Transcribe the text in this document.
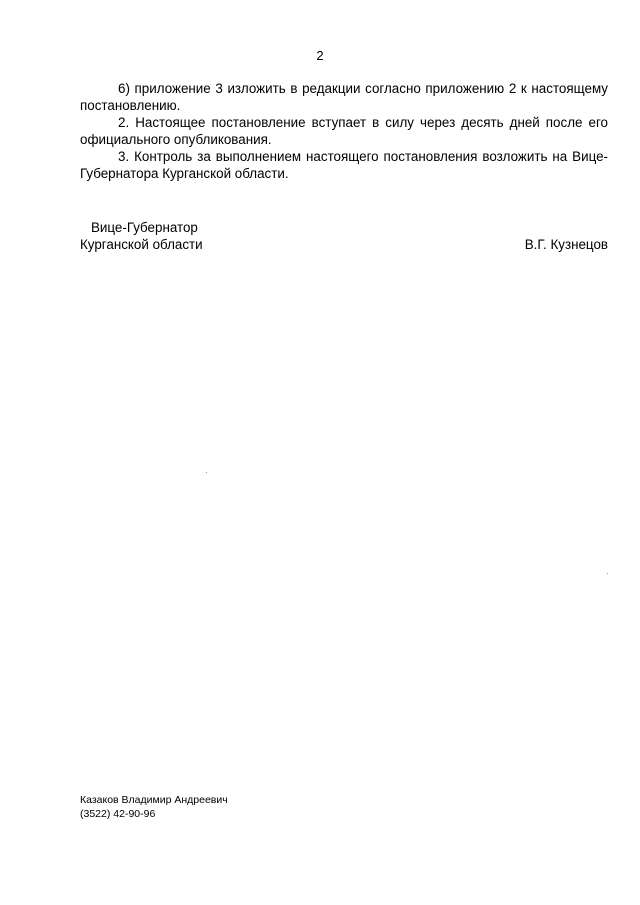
2

6) приложение 3 изложить в редакции согласно приложению 2 к настоящему постановлению.

2. Настоящее постановление вступает в силу через десять дней после его официального опубликования.

3. Контроль за выполнением настоящего постановления возложить на Вице-Губернатора Курганской области.

Вице-Губернатор
Курганской области	В.Г. Кузнецов
Казаков Владимир Андреевич
(3522) 42-90-96
